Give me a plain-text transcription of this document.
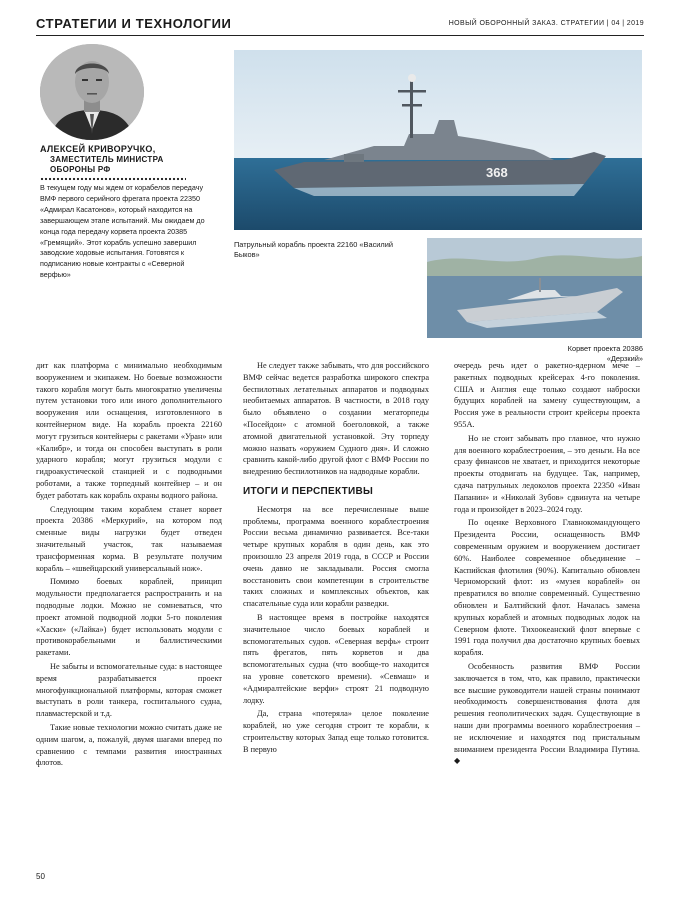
СТРАТЕГИИ И ТЕХНОЛОГИИ	НОВЫЙ ОБОРОННЫЙ ЗАКАЗ. СТРАТЕГИИ | 04 | 2019
АЛЕКСЕЙ КРИВОРУЧКО,
ЗАМЕСТИТЕЛЬ МИНИСТРА ОБОРОНЫ РФ
В текущем году мы ждем от корабелов передачу ВМФ первого серийного фрегата проекта 22350 «Адмирал Касатонов», который находится на завершающем этапе испытаний. Мы ожидаем до конца года передачу корвета проекта 20385 «Гремящий». Этот корабль успешно завершил заводские ходовые испытания. Готовятся к подписанию новые контракты с «Северной верфью»
368
Патрульный корабль проекта 22160 «Василий Быков»
Корвет проекта 20386 «Дерзкий»

дит как платформа с минимально необходимым вооружением и экипажем. Но боевые возможности такого корабля могут быть многократно увеличены путем установки того или иного дополнительного вооружения или оснащения, изготовленного в контейнерном виде. На корабль проекта 22160 могут грузиться контейнеры с ракетами «Уран» или «Калибр», и тогда он способен выступать в роли ударного корабля; могут грузиться модули с гидроакустической станцией и с подводными роботами, а также торпедный контейнер – и он будет работать как корабль охраны водного района.

Следующим таким кораблем станет корвет проекта 20386 «Меркурий», на котором под сменные виды нагрузки будет отведен значительный участок, так называемая трансформенная корма. В результате получим корабль – «швейцарский универсальный нож».

Помимо боевых кораблей, принцип модульности предполагается распространить и на подводные лодки. Можно не сомневаться, что проект атомной подводной лодки 5-го поколения «Хаски» («Лайка») будет использовать модули с противокорабельными и баллистическими ракетами.

Не забыты и вспомогательные суда: в настоящее время разрабатывается проект многофункциональной платформы, которая сможет выступать в роли танкера, госпитального судна, плавмастерской и т.д.

Такие новые технологии можно считать даже не одним шагом, а, пожалуй, двумя шагами вперед по сравнению с темпами развития иностранных флотов.

Не следует также забывать, что для российского ВМФ сейчас ведется разработка широкого спектра беспилотных летательных аппаратов и подводных необитаемых аппаратов. В частности, в 2018 году было объявлено о создании мегаторпеды «Посейдон» с атомной боеголовкой, а также атомной двигательной установкой. Эту торпеду можно назвать «оружием Судного дня». И сложно сравнить какой-либо другой флот с ВМФ России по внедрению беспилотников на надводные корабли.

ИТОГИ И ПЕРСПЕКТИВЫ

Несмотря на все перечисленные выше проблемы, программа военного кораблестроения России весьма динамично развивается. Все-таки четыре крупных корабля в один день, как это произошло 23 апреля 2019 года, в СССР и России очень давно не закладывали. Россия смогла восстановить свои компетенции в строительстве таких сложных и комплексных объектов, как спасательные суда или корабли разведки.

В настоящее время в постройке находятся значительное число боевых кораблей и вспомогательных судов. «Северная верфь» строит пять фрегатов, пять корветов и два вспомогательных судна (что вообще-то находится на уровне советского времени). «Севмаш» и «Адмиралтейские верфи» строят 21 подводную лодку.

Да, страна «потеряла» целое поколение кораблей, но уже сегодня строит те корабли, к строительству которых Запад еще только готовится. В первую

очередь речь идет о ракетно-ядерном мече – ракетных подводных крейсерах 4-го поколения. США и Англия еще только создают наброски будущих кораблей на замену существующим, а Россия уже в реальности строит крейсеры проекта 955А.

Но не стоит забывать про главное, что нужно для военного кораблестроения, – это деньги. На все сразу финансов не хватает, и приходится некоторые проекты отодвигать на будущее. Так, например, сдача патрульных ледоколов проекта 22350 «Иван Папанин» и «Николай Зубов» сдвинута на четыре года и произойдет в 2023–2024 году.

По оценке Верховного Главнокомандующего Президента России, оснащенность ВМФ современным оружием и вооружением достигает 60%. Наиболее современное объединение – Каспийская флотилия (90%). Капитально обновлен Черноморский флот: из «музея кораблей» он превратился во вполне современный. Существенно обновлен и Балтийский флот. Началась замена крупных кораблей и атомных подводных лодок на Северном флоте. Тихоокеанский флот впервые с 1991 года получил два достаточно крупных боевых корабля.

Особенность развития ВМФ России заключается в том, что, как правило, практически все высшие руководители нашей страны понимают необходимость совершенствования флота для решения геополитических задач. Существующие в наши дни программы военного кораблестроения – не исключение и находятся под пристальным вниманием президента России Владимира Путина. ◆

50
